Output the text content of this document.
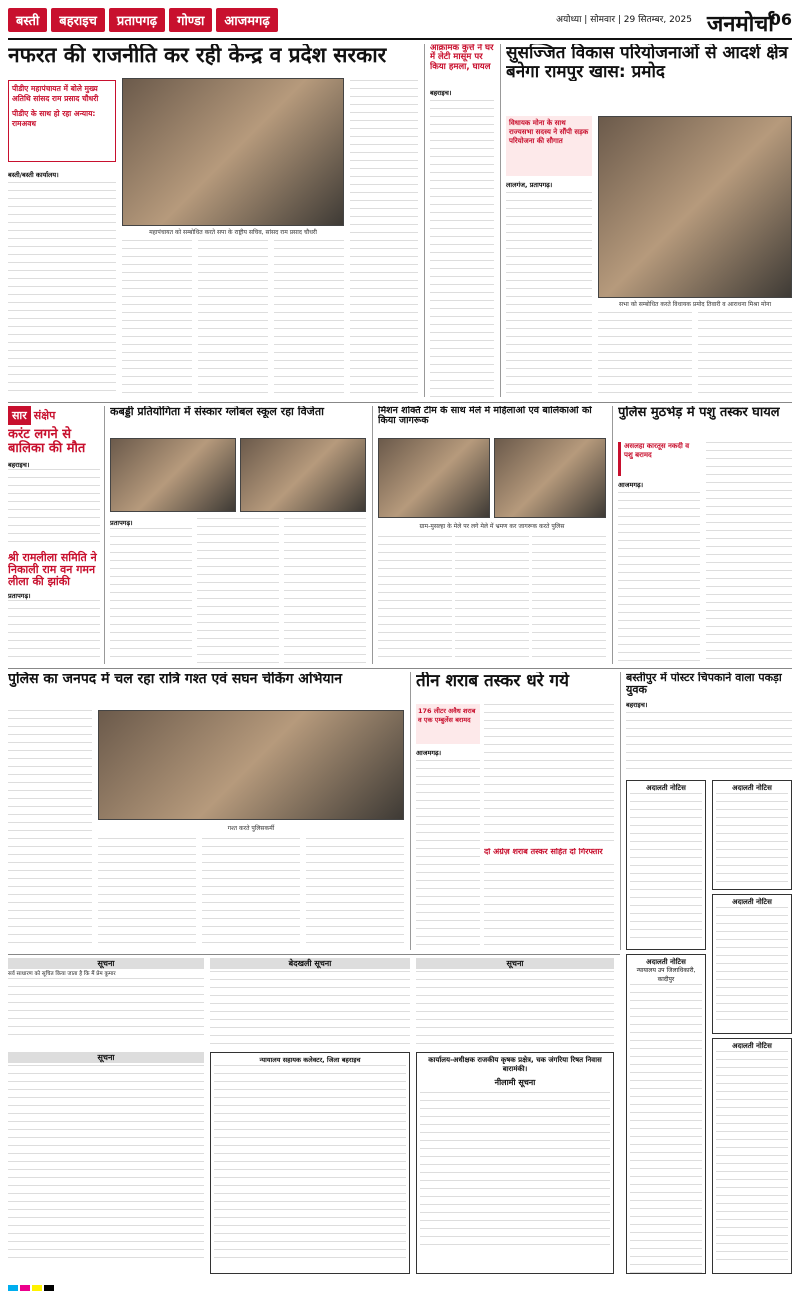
बस्ती	बहराइच	प्रतापगढ़	गोण्डा	आजमगढ़	अयोध्या | सोमवार | 29 सितम्बर, 2025 जनमोर्चा
06
नफरत की राजनीति कर रही केन्द्र व प्रदेश सरकार
पीडीए महापंचायत में बोले मुख्य अतिथि सांसद राम प्रसाद चौधरी
पीडीए के साथ हो रहा अन्याय: रामअवध
बस्ती/बस्ती कार्यालय।
महापंचायत को सम्बोधित करते सपा के राष्ट्रीय सचिव, सांसद राम प्रसाद चौधरी
आक्रामक कुत्ते ने घर में लेटी मासूम पर किया हमला, घायल
बहराइच।
सुसज्जित विकास परियोजनाओं से आदर्श क्षेत्र बनेगा रामपुर खास: प्रमोद
विधायक मोना के साथ राज्यसभा सदस्य ने सौंपी सड़क परियोजना की सौगात
लालगंज, प्रतापगढ़।
सभा को सम्बोधित करते विधायक प्रमोद तिवारी व आराधना मिश्रा मोना
सार संक्षेप
करंट लगने से बालिका की मौत
बहराइच।
श्री रामलीला समिति ने निकाली राम वन गमन लीला की झांकी
प्रतापगढ़।
कबड्डी प्रतियोगिता में संस्कार ग्लोबल स्कूल रहा विजेता
प्रतापगढ़।
मिशन शक्ति टीम के साथ मेले में महिलाओं एवं बालिकाओं को किया जागरूक
ग्राम-मुसल्हा के मेले पर लगे मेले में भ्रमण कर जागरूक करते पुलिस
पुलिस मुठभेड़ में पशु तस्कर घायल
असलहा कारतूस नकदी व पशु बरामद
आजमगढ़।
पुलिस का जनपद में चल रहा रात्रि गश्त एवं सघन चेकिंग अभियान
गश्त करते पुलिसकर्मी
तीन शराब तस्कर धरे गये
176 लीटर अवैध शराब व एक एम्बुलेंस बरामद
आजमगढ़।
दो अंग्रेज़ शराब तस्कर सहित दो गिरफ्तार
बस्तीपुर में पोस्टर चिपकाने वाला पकड़ा युवक
बहराइच।
अदालती नोटिस	अदालती नोटिस
अदालती नोटिस
सूचना
सर्व साधारण को सूचित किया जाता है कि मैं प्रेम कुमार
बेदखली सूचना	सूचना
सूचना	न्यायालय सहायक कलेक्टर, जिला बहराइच	कार्यालय-अधीक्षक राजकीय कृषक प्रक्षेत्र, चक जंगरिया रिषत निवास बारामंकी।
नीलामी सूचना
अदालती नोटिस
न्यायालय उप जिलाधिकारी, कादीपुर
अदालती नोटिस
